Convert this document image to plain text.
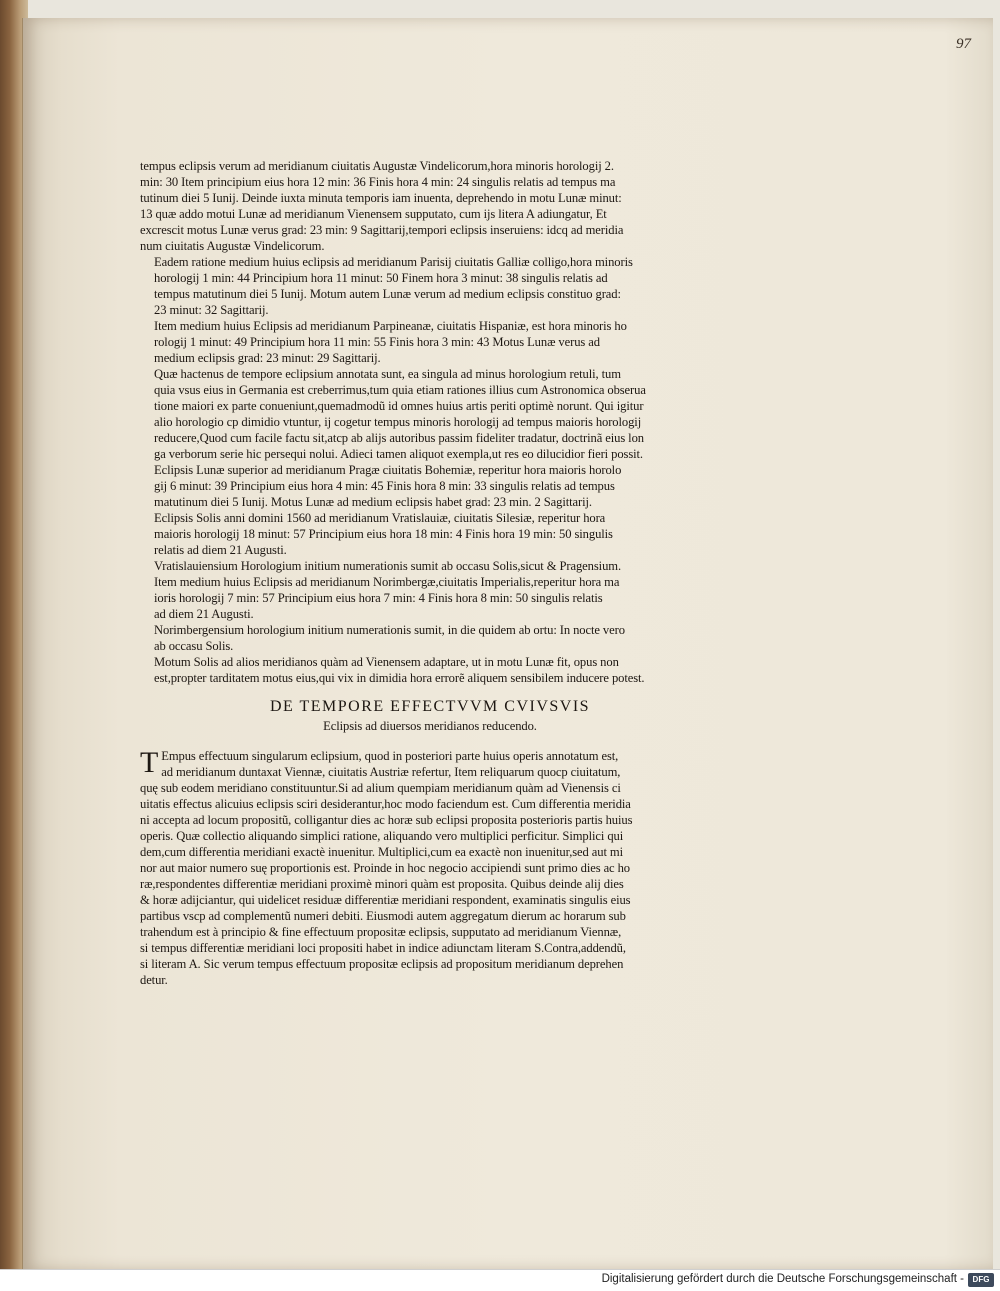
97

tempus eclipsis verum ad meridianum ciuitatis Augustæ Vindelicorum,hora minoris horologij 2.
min: 30 Item principium eius hora 12 min: 36 Finis hora 4 min: 24 singulis relatis ad tempus ma
tutinum diei 5 Iunij. Deinde iuxta minuta temporis iam inuenta, deprehendo in motu Lunæ minut:
13 quæ addo motui Lunæ ad meridianum Vienensem supputato, cum ijs litera A adiungatur, Et
excrescit motus Lunæ verus grad: 23 min: 9 Sagittarij,tempori eclipsis inseruiens: idcq ad meridia
num ciuitatis Augustæ Vindelicorum.

Eadem ratione medium huius eclipsis ad meridianum Parisij ciuitatis Galliæ colligo,hora minoris
horologij 1 min: 44 Principium hora 11 minut: 50 Finem hora 3 minut: 38 singulis relatis ad
tempus matutinum diei 5 Iunij. Motum autem Lunæ verum ad medium eclipsis constituo grad:
23 minut: 32 Sagittarij.

Item medium huius Eclipsis ad meridianum Parpineanæ, ciuitatis Hispaniæ, est hora minoris ho
rologij 1 minut: 49 Principium hora 11 min: 55 Finis hora 3 min: 43 Motus Lunæ verus ad
medium eclipsis grad: 23 minut: 29 Sagittarij.

Quæ hactenus de tempore eclipsium annotata sunt, ea singula ad minus horologium retuli, tum
quia vsus eius in Germania est creberrimus,tum quia etiam rationes illius cum Astronomica obserua
tione maiori ex parte conueniunt,quemadmodũ id omnes huius artis periti optimè norunt. Qui igitur
alio horologio cp dimidio vtuntur, ij cogetur tempus minoris horologij ad tempus maioris horologij
reducere,Quod cum facile factu sit,atcp ab alijs autoribus passim fideliter tradatur, doctrinã eius lon
ga verborum serie hic persequi nolui. Adieci tamen aliquot exempla,ut res eo dilucidior fieri possit.

Eclipsis Lunæ superior ad meridianum Pragæ ciuitatis Bohemiæ, reperitur hora maioris horolo
gij 6 minut: 39 Principium eius hora 4 min: 45 Finis hora 8 min: 33 singulis relatis ad tempus
matutinum diei 5 Iunij. Motus Lunæ ad medium eclipsis habet grad: 23 min. 2 Sagittarij.

Eclipsis Solis anni domini 1560 ad meridianum Vratislauiæ, ciuitatis Silesiæ, reperitur hora
maioris horologij 18 minut: 57 Principium eius hora 18 min: 4 Finis hora 19 min: 50 singulis
relatis ad diem 21 Augusti.

Vratislauiensium Horologium initium numerationis sumit ab occasu Solis,sicut & Pragensium.

Item medium huius Eclipsis ad meridianum Norimbergæ,ciuitatis Imperialis,reperitur hora ma
ioris horologij 7 min: 57 Principium eius hora 7 min: 4 Finis hora 8 min: 50 singulis relatis
ad diem 21 Augusti.

Norimbergensium horologium initium numerationis sumit, in die quidem ab ortu: In nocte vero
ab occasu Solis.

Motum Solis ad alios meridianos quàm ad Vienensem adaptare, ut in motu Lunæ fit, opus non
est,propter tarditatem motus eius,qui vix in dimidia hora errorẽ aliquem sensibilem inducere potest.

DE TEMPORE EFFECTVVM CVIVSVIS
Eclipsis ad diuersos meridianos reducendo.

T Empus effectuum singularum eclipsium, quod in posteriori parte huius operis annotatum est,
ad meridianum duntaxat Viennæ, ciuitatis Austriæ refertur, Item reliquarum quocp ciuitatum,
quę sub eodem meridiano constituuntur.Si ad alium quempiam meridianum quàm ad Vienensis ci
uitatis effectus alicuius eclipsis sciri desiderantur,hoc modo faciendum est. Cum differentia meridia
ni accepta ad locum propositũ, colligantur dies ac horæ sub eclipsi proposita posterioris partis huius
operis. Quæ collectio aliquando simplici ratione, aliquando vero multiplici perficitur. Simplici qui
dem,cum differentia meridiani exactè inuenitur. Multiplici,cum ea exactè non inuenitur,sed aut mi
nor aut maior numero suę proportionis est. Proinde in hoc negocio accipiendi sunt primo dies ac ho
ræ,respondentes differentiæ meridiani proximè minori quàm est proposita. Quibus deinde alij dies
& horæ adijciantur, qui uidelicet residuæ differentiæ meridiani respondent, examinatis singulis eius
partibus vscp ad complementũ numeri debiti. Eiusmodi autem aggregatum dierum ac horarum sub
trahendum est à principio & fine effectuum propositæ eclipsis, supputato ad meridianum Viennæ,
si tempus differentiæ meridiani loci propositi habet in indice adiunctam literam S.Contra,addendũ,
si literam A. Sic verum tempus effectuum propositæ eclipsis ad propositum meridianum deprehen
detur.

Digitalisierung gefördert durch die Deutsche Forschungsgemeinschaft -	DFG
